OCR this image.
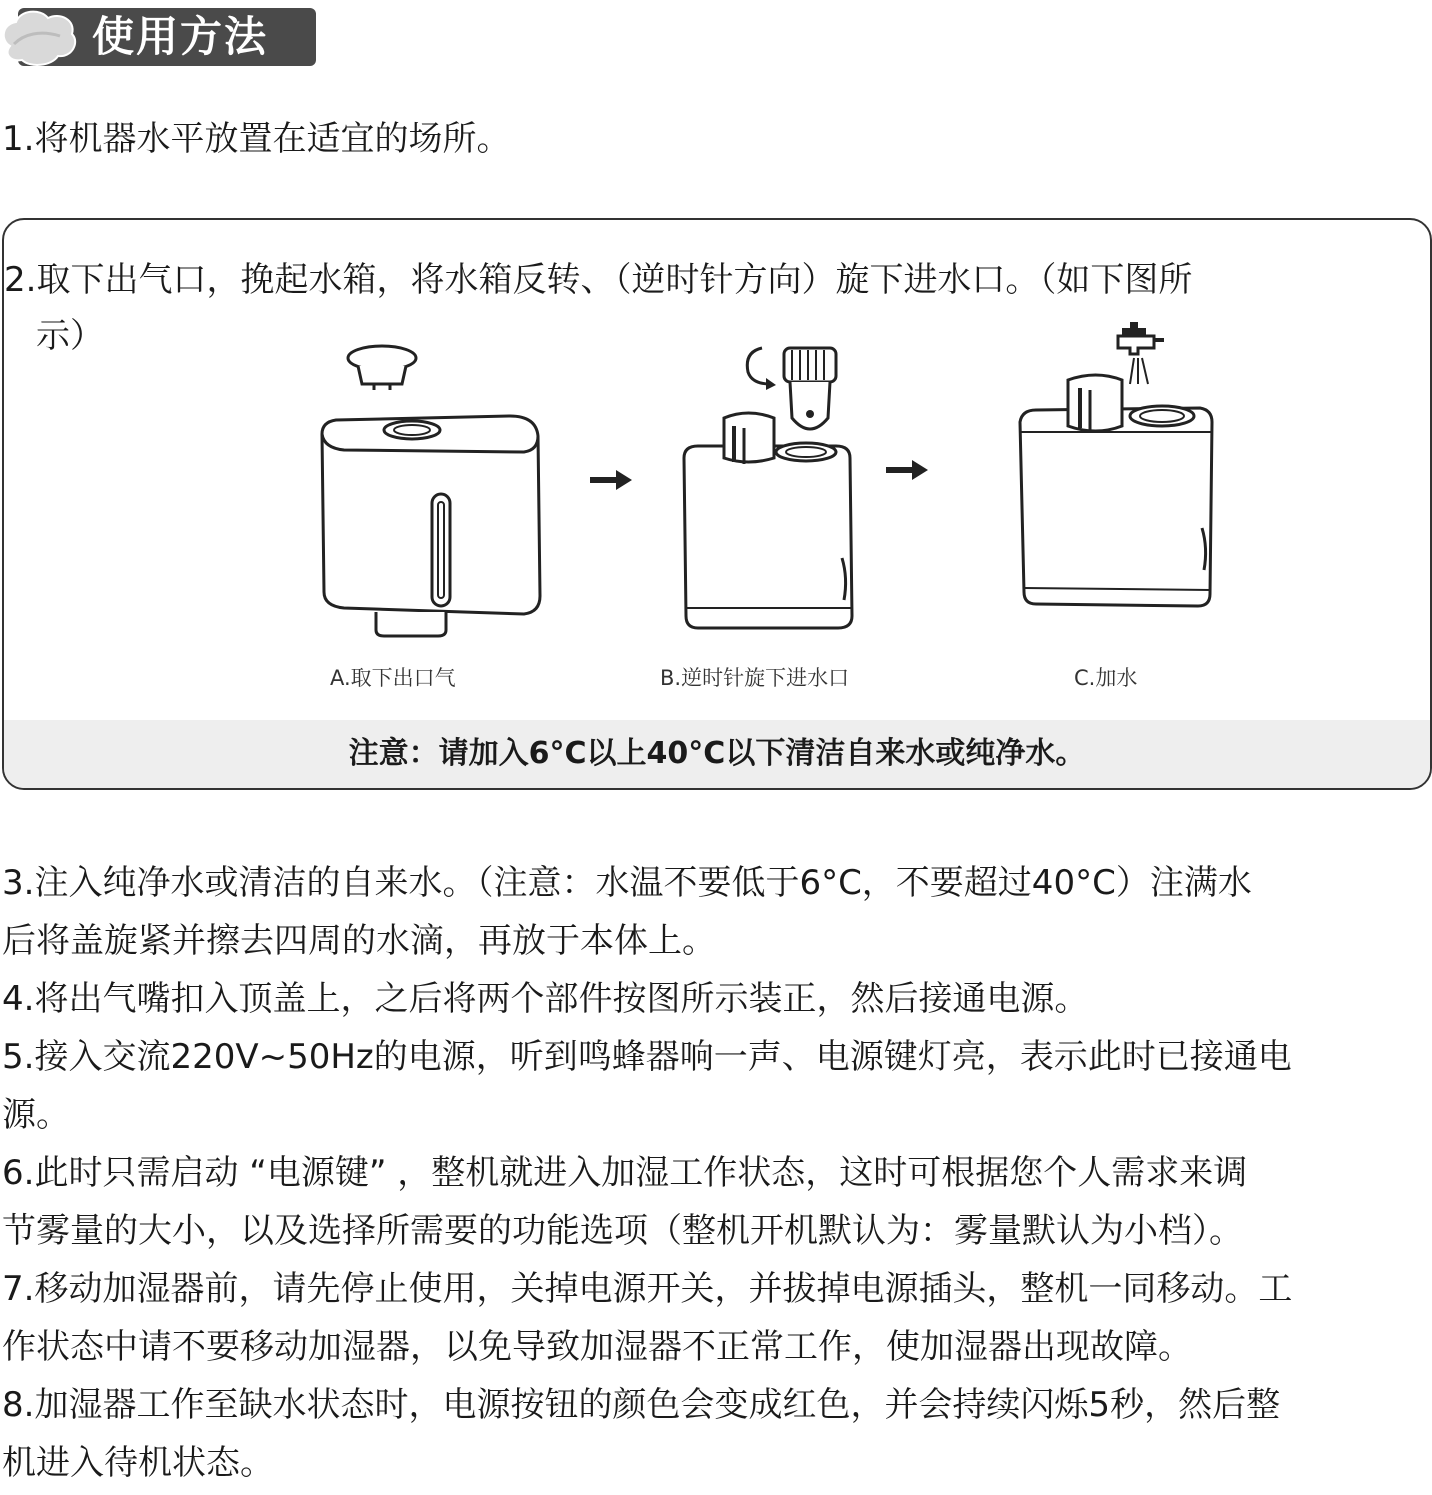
使用方法
1.将机器水平放置在适宜的场所。
2.取下出气口，挽起水箱，将水箱反转、（逆时针方向）旋下进水口。（如下图所
示）
A.取下出口气	B.逆时针旋下进水口	C.加水
注意：请加入6°C以上40°C以下清洁自来水或纯净水。
3.注入纯净水或清洁的自来水。（注意：水温不要低于6°C，不要超过40°C）注满水
后将盖旋紧并擦去四周的水滴，再放于本体上。
4.将出气嘴扣入顶盖上，之后将两个部件按图所示装正，然后接通电源。
5.接入交流220V~50Hz的电源，听到鸣蜂器响一声、电源键灯亮，表示此时已接通电
源。
6.此时只需启动 “电源键” ，整机就进入加湿工作状态，这时可根据您个人需求来调
节雾量的大小，以及选择所需要的功能选项（整机开机默认为：雾量默认为小档）。
7.移动加湿器前，请先停止使用，关掉电源开关，并拔掉电源插头，整机一同移动。工
作状态中请不要移动加湿器，以免导致加湿器不正常工作，使加湿器出现故障。
8.加湿器工作至缺水状态时，电源按钮的颜色会变成红色，并会持续闪烁5秒，然后整
机进入待机状态。
